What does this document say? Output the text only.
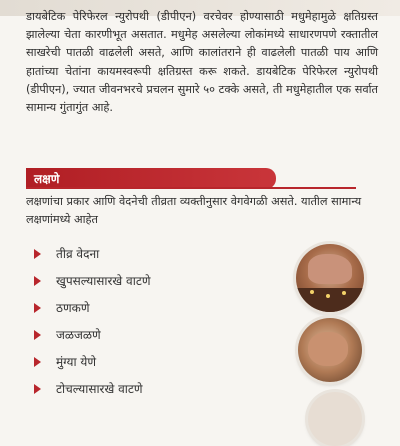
डायबेटिक पेरिफेरल न्युरोपथी (डीपीएन) वरचेवर होण्यासाठी मधुमेहामुळे क्षतिग्रस्त झालेल्या चेता कारणीभूत असतात. मधुमेह असलेल्या लोकांमध्ये साधारणपणे रक्तातील साखरेची पातळी वाढलेली असते, आणि कालांतराने ही वाढलेली पातळी पाय आणि हातांच्या चेतांना कायमस्वरूपी क्षतिग्रस्त करू शकते. डायबेटिक पेरिफेरल न्युरोपथी (डीपीएन), ज्यात जीवनभरचे प्रचलन सुमारे ५० टक्के असते, ती मधुमेहातील एक सर्वात सामान्य गुंतागुंत आहे.

लक्षणे

लक्षणांचा प्रकार आणि वेदनेची तीव्रता व्यक्तीनुसार वेगवेगळी असते. यातील सामान्य लक्षणांमध्ये आहेत

तीव्र वेदना
खुपसल्यासारखे वाटणे
ठणकणे
जळजळणे
मुंग्या येणे
टोचल्यासारखे वाटणे
